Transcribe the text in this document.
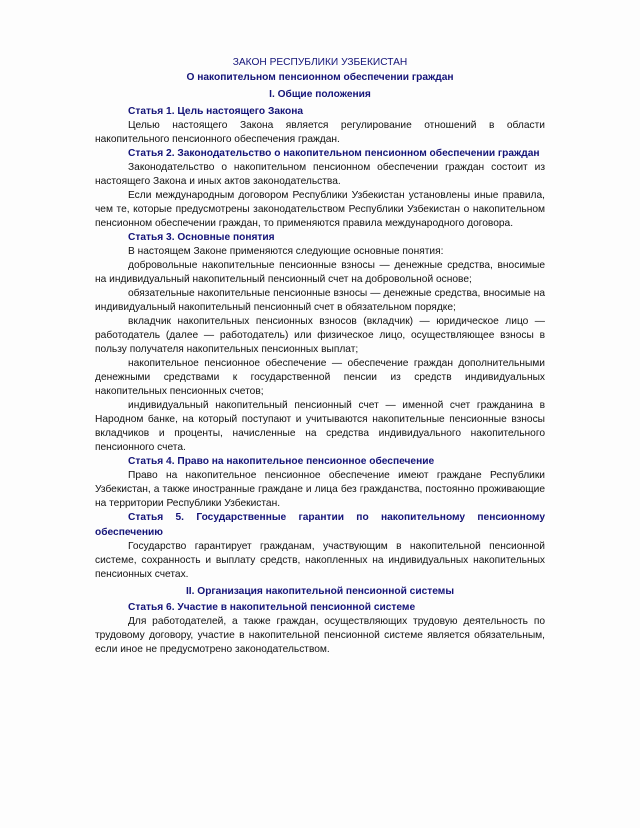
ЗАКОН РЕСПУБЛИКИ УЗБЕКИСТАН
О накопительном пенсионном обеспечении граждан
I. Общие положения
Статья 1. Цель настоящего Закона

Целью настоящего Закона является регулирование отношений в области накопительного пенсионного обеспечения граждан.

Статья 2. Законодательство о накопительном пенсионном обеспечении граждан

Законодательство о накопительном пенсионном обеспечении граждан состоит из настоящего Закона и иных актов законодательства.

Если международным договором Республики Узбекистан установлены иные правила, чем те, которые предусмотрены законодательством Республики Узбекистан о накопительном пенсионном обеспечении граждан, то применяются правила международного договора.

Статья 3. Основные понятия

В настоящем Законе применяются следующие основные понятия:

добровольные накопительные пенсионные взносы — денежные средства, вносимые на индивидуальный накопительный пенсионный счет на добровольной основе;

обязательные накопительные пенсионные взносы — денежные средства, вносимые на индивидуальный накопительный пенсионный счет в обязательном порядке;

вкладчик накопительных пенсионных взносов (вкладчик) — юридическое лицо — работодатель (далее — работодатель) или физическое лицо, осуществляющее взносы в пользу получателя накопительных пенсионных выплат;

накопительное пенсионное обеспечение — обеспечение граждан дополнительными денежными средствами к государственной пенсии из средств индивидуальных накопительных пенсионных счетов;

индивидуальный накопительный пенсионный счет — именной счет гражданина в Народном банке, на который поступают и учитываются накопительные пенсионные взносы вкладчиков и проценты, начисленные на средства индивидуального накопительного пенсионного счета.

Статья 4. Право на накопительное пенсионное обеспечение

Право на накопительное пенсионное обеспечение имеют граждане Республики Узбекистан, а также иностранные граждане и лица без гражданства, постоянно проживающие на территории Республики Узбекистан.

Статья 5. Государственные гарантии по накопительному пенсионному обеспечению

Государство гарантирует гражданам, участвующим в накопительной пенсионной системе, сохранность и выплату средств, накопленных на индивидуальных накопительных пенсионных счетах.

II. Организация накопительной пенсионной системы
Статья 6. Участие в накопительной пенсионной системе

Для работодателей, а также граждан, осуществляющих трудовую деятельность по трудовому договору, участие в накопительной пенсионной системе является обязательным, если иное не предусмотрено законодательством.
